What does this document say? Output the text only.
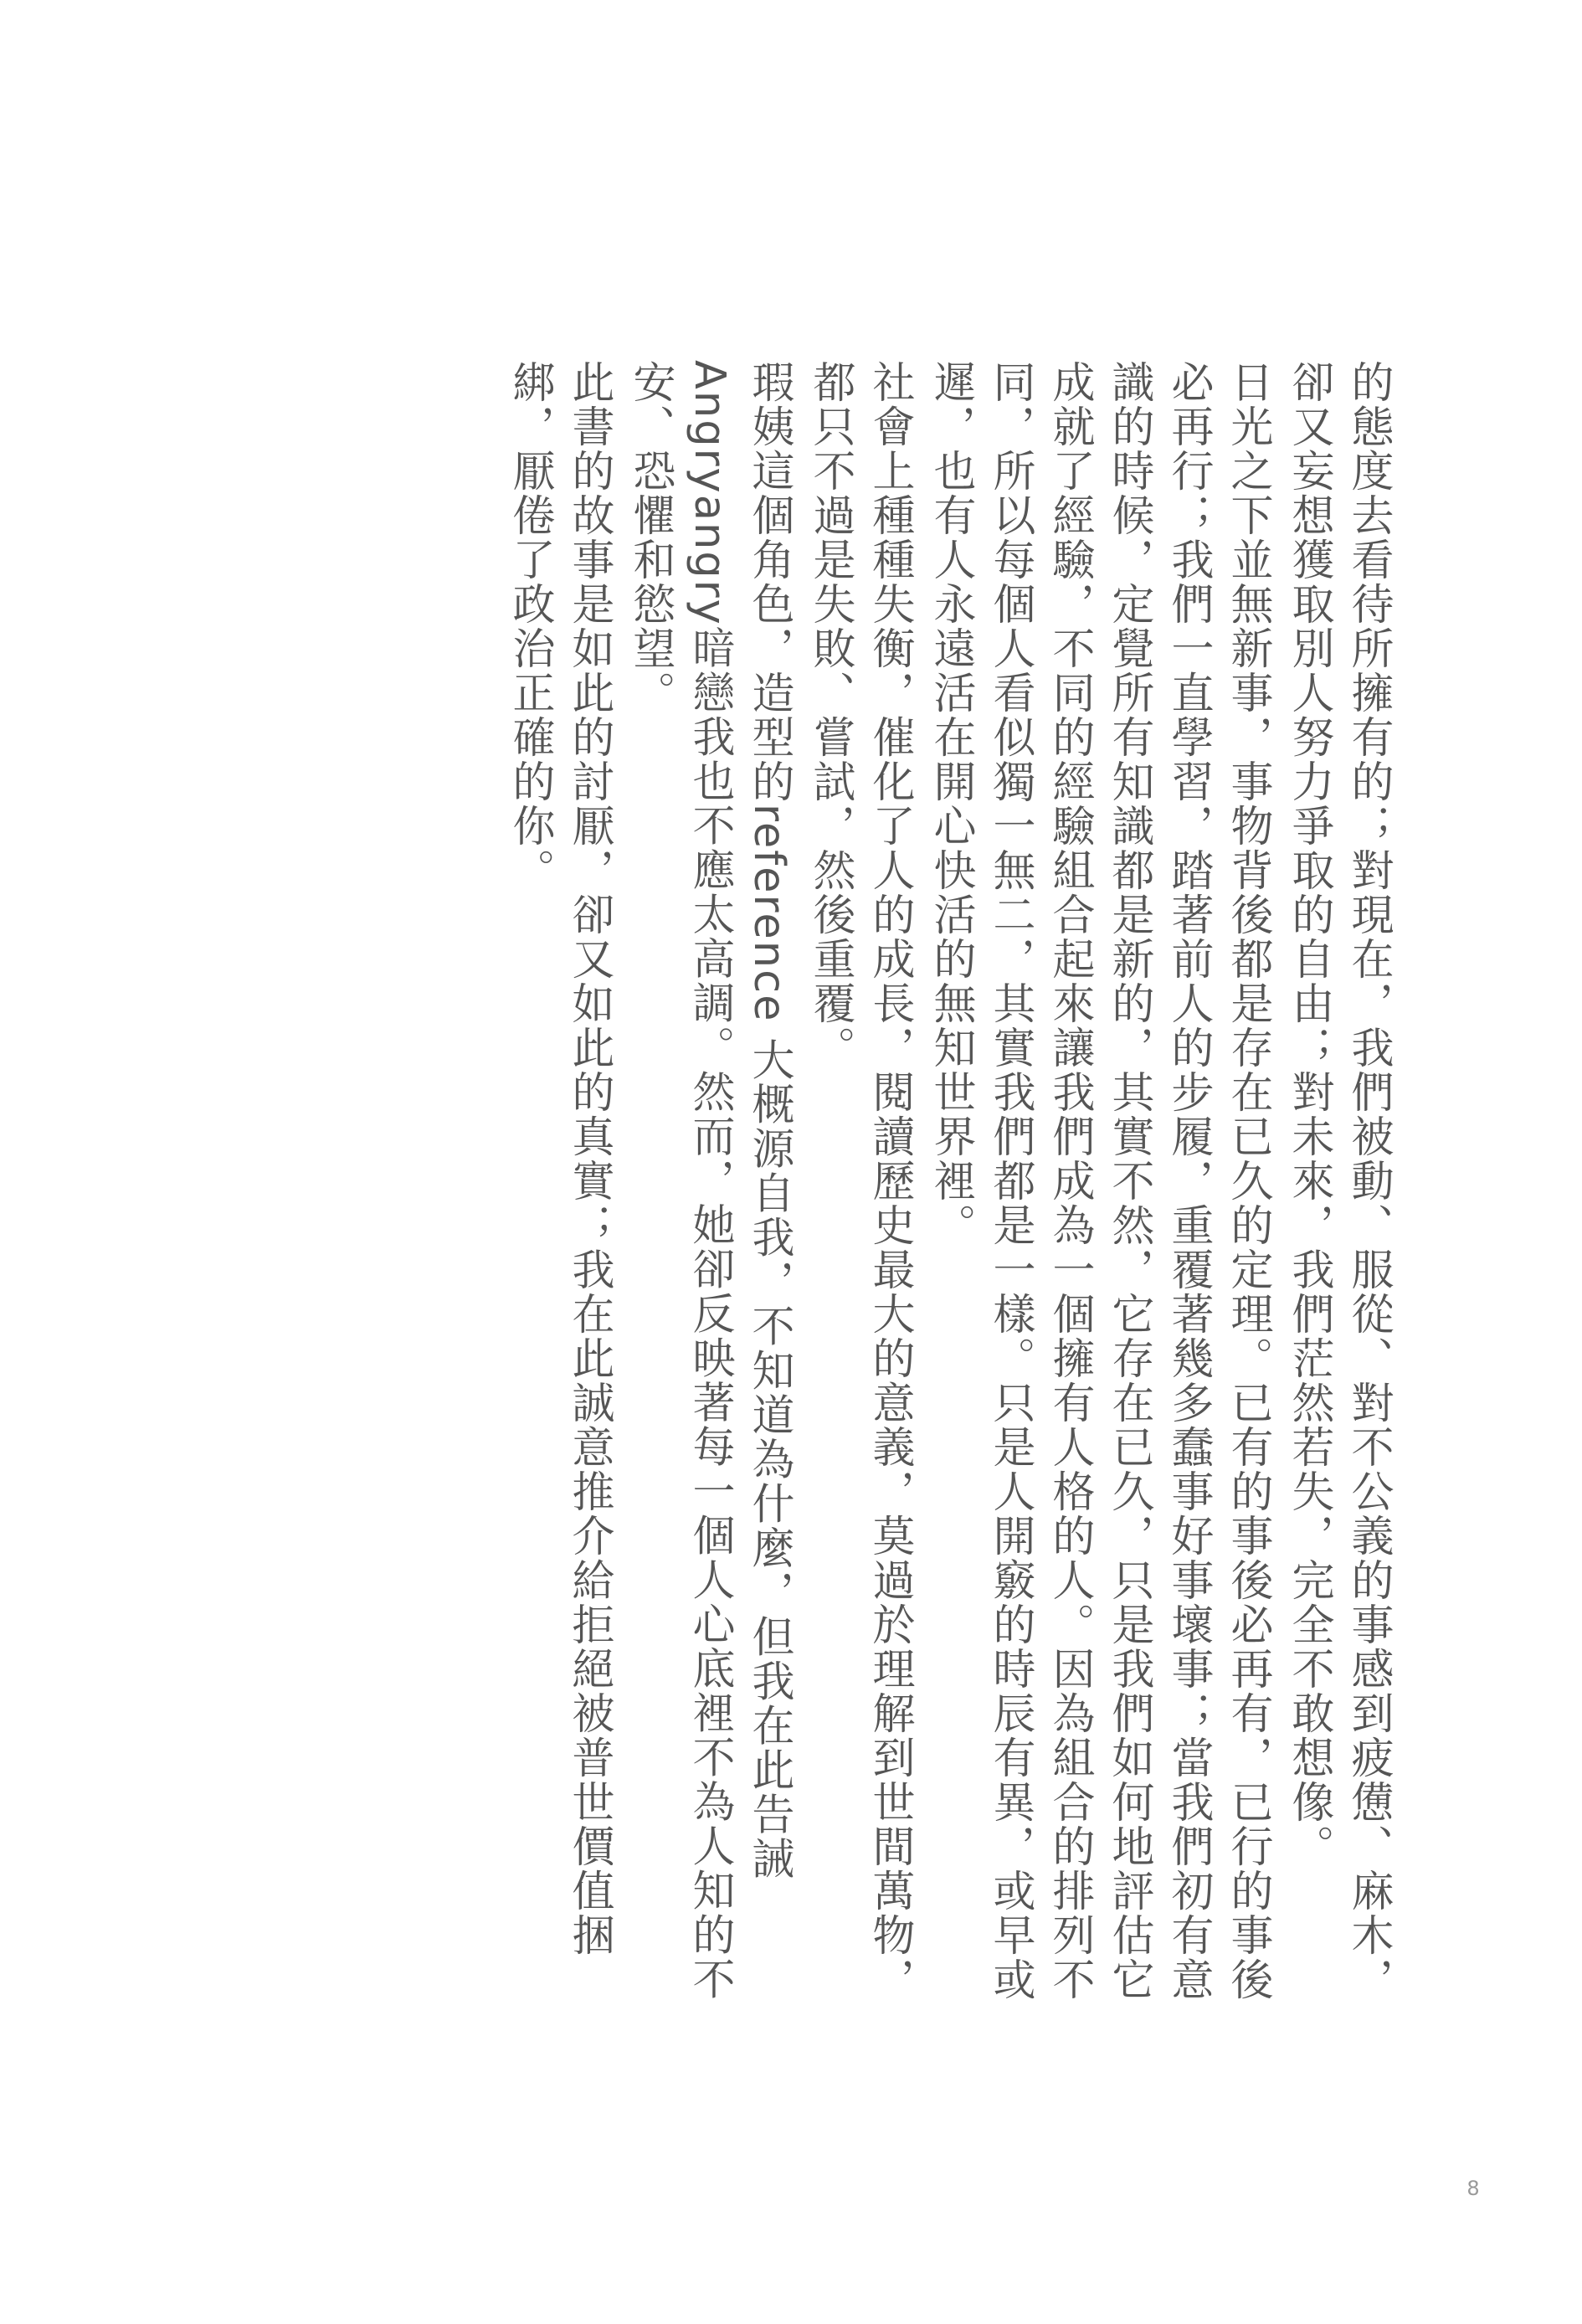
的態度去看待所擁有的；對現在，我們被動、服從、對不公義的事感到疲憊、麻木，卻又妄想獲取別人努力爭取的自由；對未來，我們茫然若失，完全不敢想像。

日光之下並無新事，事物背後都是存在已久的定理。已有的事後必再有，已行的事後必再行；我們一直學習，踏著前人的步履，重覆著幾多蠢事好事壞事；當我們初有意識的時候，定覺所有知識都是新的，其實不然，它存在已久，只是我們如何地評估它成就了經驗，不同的經驗組合起來讓我們成為一個擁有人格的人。因為組合的排列不同，所以每個人看似獨一無二，其實我們都是一樣。只是人開竅的時辰有異，或早或遲，也有人永遠活在開心快活的無知世界裡。

社會上種種失衡，催化了人的成長，閱讀歷史最大的意義，莫過於理解到世間萬物，都只不過是失敗、嘗試，然後重覆。

瑕姨這個角色，造型的reference 大概源自我，不知道為什麼，但我在此告誡Angryangry暗戀我也不應太高調。然而，她卻反映著每一個人心底裡不為人知的不安、恐懼和慾望。

此書的故事是如此的討厭，卻又如此的真實；我在此誠意推介給拒絕被普世價值捆綁，厭倦了政治正確的你。

8
